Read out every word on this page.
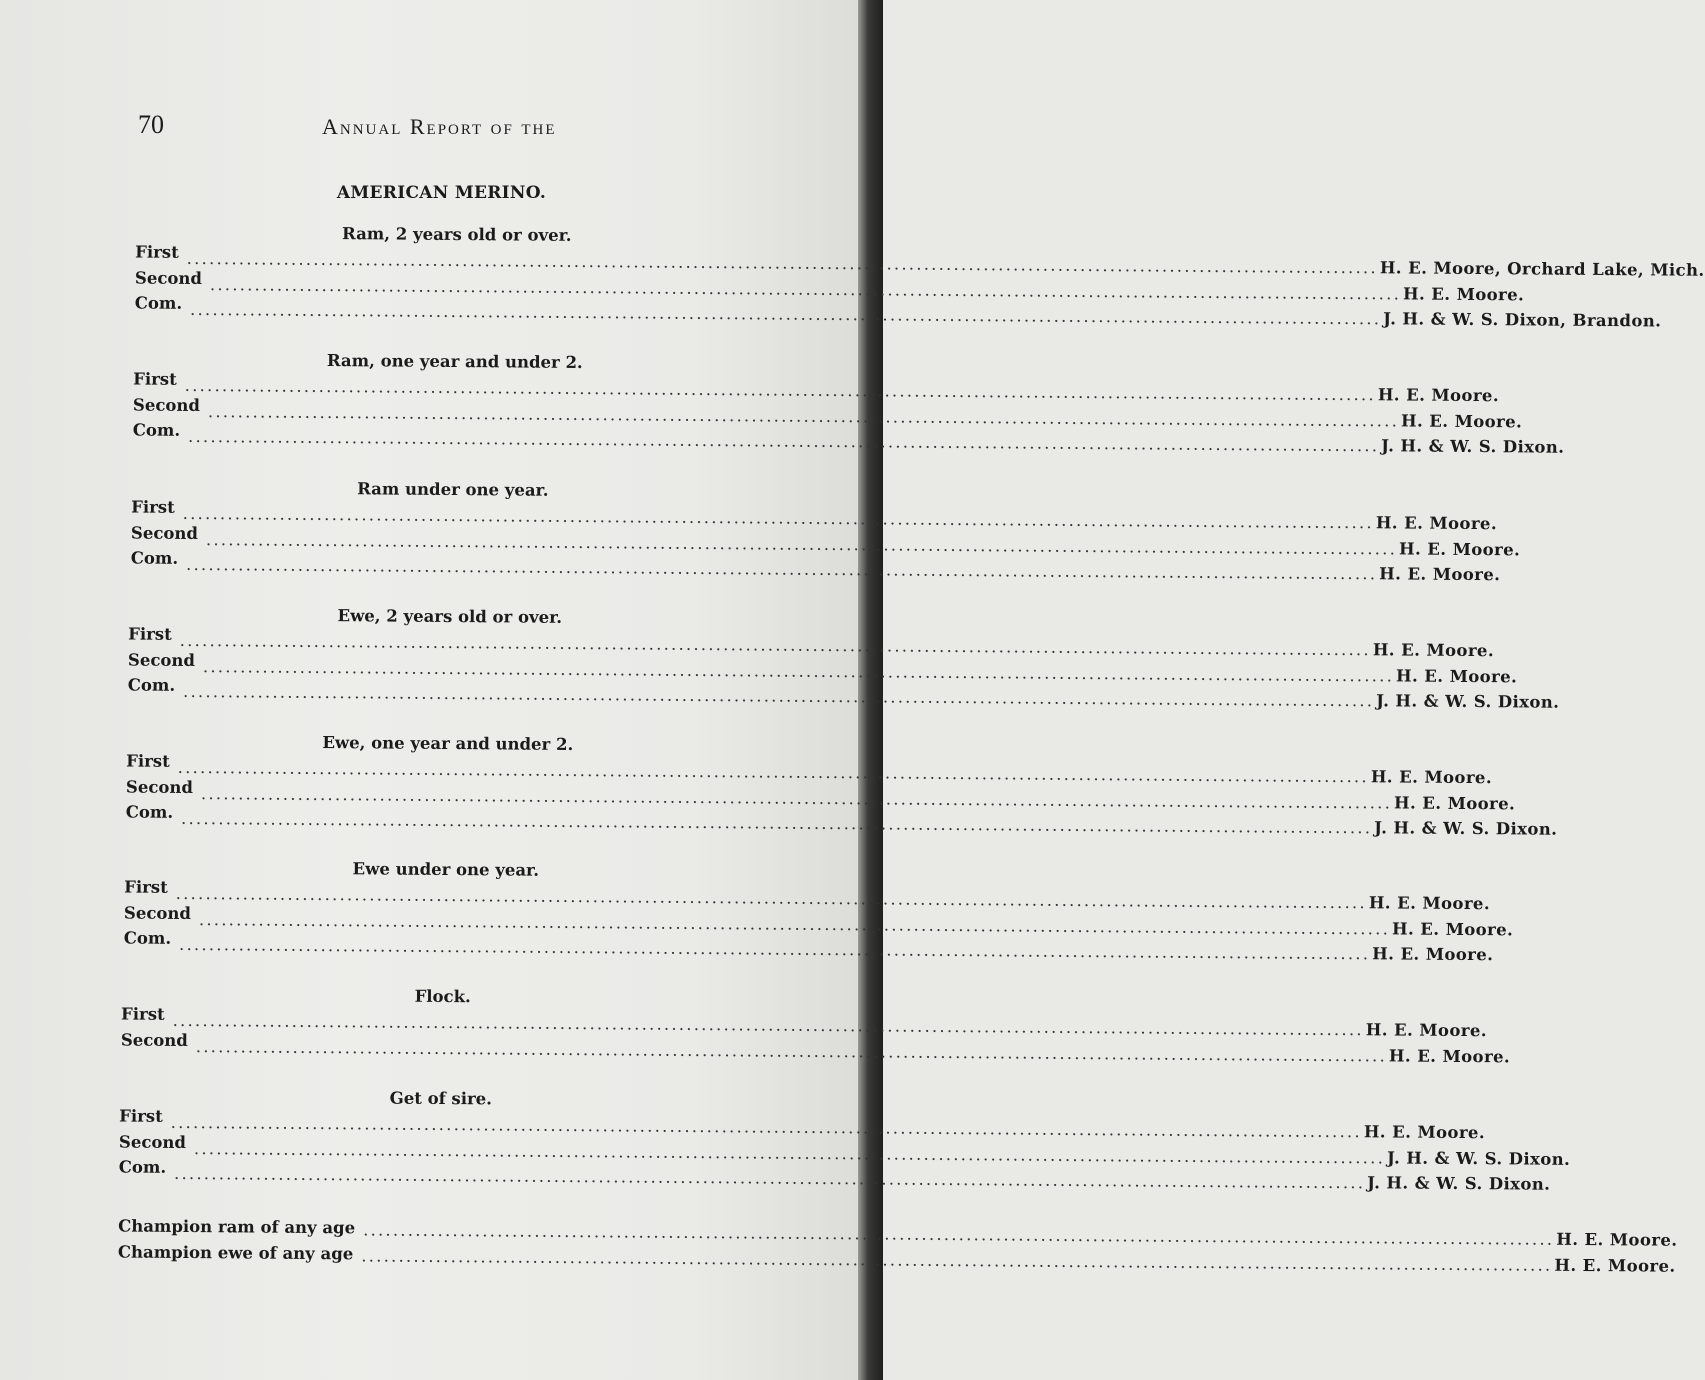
70	Annual Report of the
AMERICAN MERINO.
Ram, 2 years old or over.
First ................................................................................................................................................................ H. E. Moore, Orchard Lake, Mich.
Second ................................................................................................................................................................ H. E. Moore.
Com. ................................................................................................................................................................ J. H. & W. S. Dixon, Brandon.
Ram, one year and under 2.
First ................................................................................................................................................................ H. E. Moore.
Second ................................................................................................................................................................ H. E. Moore.
Com. ................................................................................................................................................................ J. H. & W. S. Dixon.
Ram under one year.
First ................................................................................................................................................................ H. E. Moore.
Second ................................................................................................................................................................ H. E. Moore.
Com. ................................................................................................................................................................ H. E. Moore.
Ewe, 2 years old or over.
First ................................................................................................................................................................ H. E. Moore.
Second ................................................................................................................................................................ H. E. Moore.
Com. ................................................................................................................................................................ J. H. & W. S. Dixon.
Ewe, one year and under 2.
First ................................................................................................................................................................ H. E. Moore.
Second ................................................................................................................................................................ H. E. Moore.
Com. ................................................................................................................................................................ J. H. & W. S. Dixon.
Ewe under one year.
First ................................................................................................................................................................ H. E. Moore.
Second ................................................................................................................................................................ H. E. Moore.
Com. ................................................................................................................................................................ H. E. Moore.
Flock.
First ................................................................................................................................................................ H. E. Moore.
Second ................................................................................................................................................................ H. E. Moore.
Get of sire.
First ................................................................................................................................................................ H. E. Moore.
Second ................................................................................................................................................................ J. H. & W. S. Dixon.
Com. ................................................................................................................................................................ J. H. & W. S. Dixon.
Champion ram of any age ................................................................................................................................................................ H. E. Moore.
Champion ewe of any age ................................................................................................................................................................ H. E. Moore.
